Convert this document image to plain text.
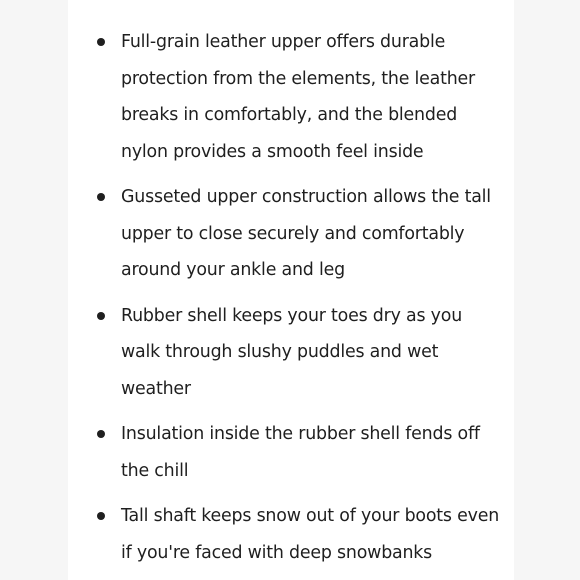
Full-grain leather upper offers durable protection from the elements, the leather breaks in comfortably, and the blended nylon provides a smooth feel inside
Gusseted upper construction allows the tall upper to close securely and comfortably around your ankle and leg
Rubber shell keeps your toes dry as you walk through slushy puddles and wet weather
Insulation inside the rubber shell fends off the chill
Tall shaft keeps snow out of your boots even if you're faced with deep snowbanks
